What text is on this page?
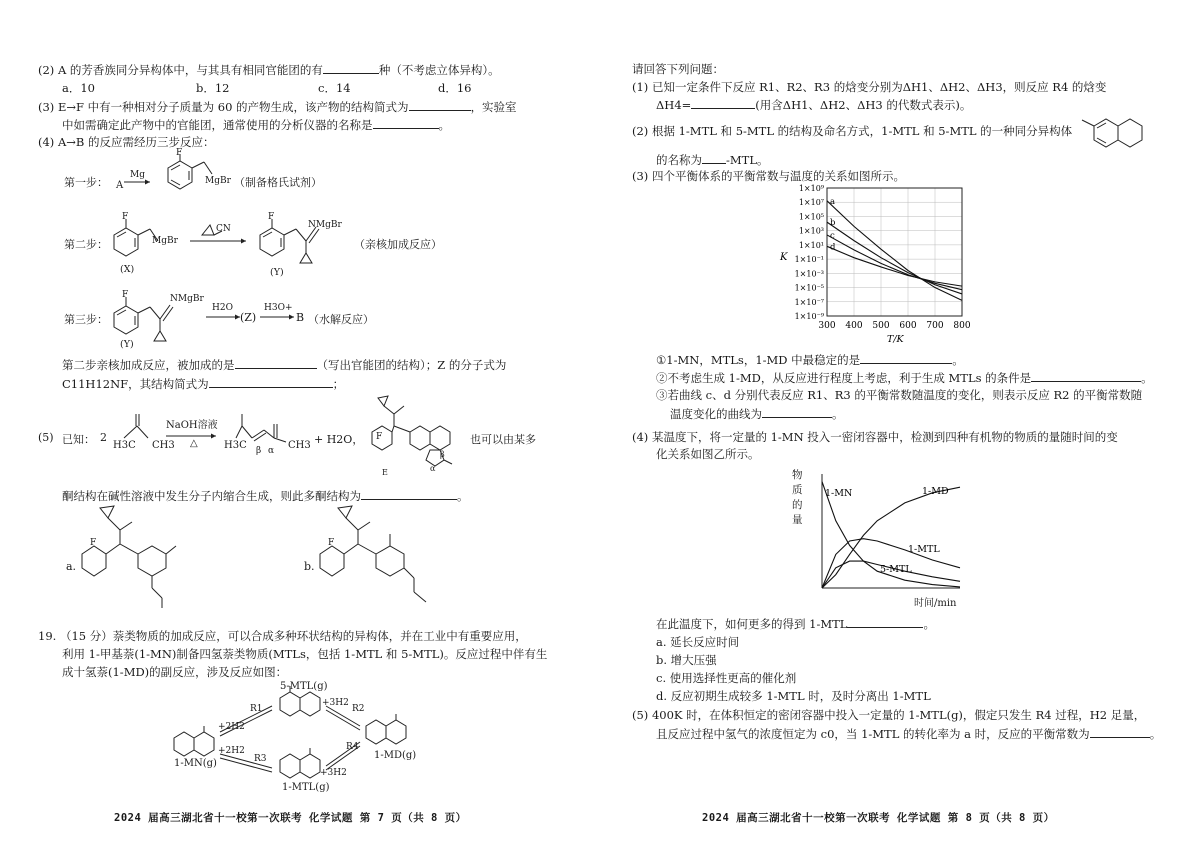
(2) A 的芳香族同分异构体中，与其具有相同官能团的有	种（不考虑立体异构）。
a．10	b．12	c．14	d．16
(3) E→F 中有一种相对分子质量为 60 的产物生成，该产物的结构简式为	，实验室
中如需确定此产物中的官能团，通常使用的分析仪器的名称是	。
(4) A→B 的反应需经历三步反应：
第一步： A
Mg
F
MgBr （制备格氏试剂）
第二步：
F
MgBr
CN
F
NMgBr
（亲核加成反应）
(X)	(Y)
第三步：
F	NMgBr
H2O
(Z)
H3O+
B （水解反应）
(Y)
第二步亲核加成反应，被加成的是	（写出官能团的结构）；Z 的分子式为
C11H12NF，其结构简式为	；
(5) 已知： 2
H3C CH3
NaOH溶液
△	H3C β α CH3 + H2O， F
E
β
α
也可以由某多
酮结构在碱性溶液中发生分子内缩合生成，则此多酮结构为	。
a.
F
b.
F
19. （15 分）萘类物质的加成反应，可以合成多种环状结构的异构体，并在工业中有重要应用，
利用 1-甲基萘(1-MN)制备四氢萘类物质(MTLs，包括 1-MTL 和 5-MTL)。反应过程中伴有生
成十氢萘(1-MD)的副反应，涉及反应如图：
5-MTL(g)
1-MN(g)
1-MTL(g)
1-MD(g)
R1	R2
R3
R4
+2H2
+3H2
+2H2
+3H2
2024 届高三湖北省十一校第一次联考 化学试题 第 7 页（共 8 页）
请回答下列问题：
(1) 已知一定条件下反应 R1、R2、R3 的焓变分别为ΔH1、ΔH2、ΔH3，则反应 R4 的焓变
ΔH4=	(用含ΔH1、ΔH2、ΔH3 的代数式表示)。
(2) 根据 1-MTL 和 5-MTL 的结构及命名方式，1-MTL 和 5-MTL 的一种同分异构体
的名称为 -MTL。
(3) 四个平衡体系的平衡常数与温度的关系如图所示。
1×10⁹
1×10⁷
1×10⁵
1×10³
1×10¹
1×10⁻¹
1×10⁻³
1×10⁻⁵
1×10⁻⁷
1×10⁻⁹
300 400 500 600 700 800
a
b
c
d
K
T/K
①1-MN，MTLs，1-MD 中最稳定的是	。
②不考虑生成 1-MD，从反应进行程度上考虑，利于生成 MTLs 的条件是	。
③若曲线 c、d 分别代表反应 R1、R3 的平衡常数随温度的变化，则表示反应 R2 的平衡常数随
温度变化的曲线为	。
(4) 某温度下，将一定量的 1-MN 投入一密闭容器中，检测到四种有机物的物质的量随时间的变
化关系如图乙所示。
物质的量
1-MN	1-MD
1-MTL
5-MTL
时间/min
在此温度下，如何更多的得到 1-MTL	。
a. 延长反应时间
b. 增大压强
c. 使用选择性更高的催化剂
d. 反应初期生成较多 1-MTL 时，及时分离出 1-MTL
(5) 400K 时，在体积恒定的密闭容器中投入一定量的 1-MTL(g)，假定只发生 R4 过程，H2 足量，
且反应过程中氢气的浓度恒定为 c0，当 1-MTL 的转化率为 a 时，反应的平衡常数为	。
2024 届高三湖北省十一校第一次联考 化学试题 第 8 页（共 8 页）
